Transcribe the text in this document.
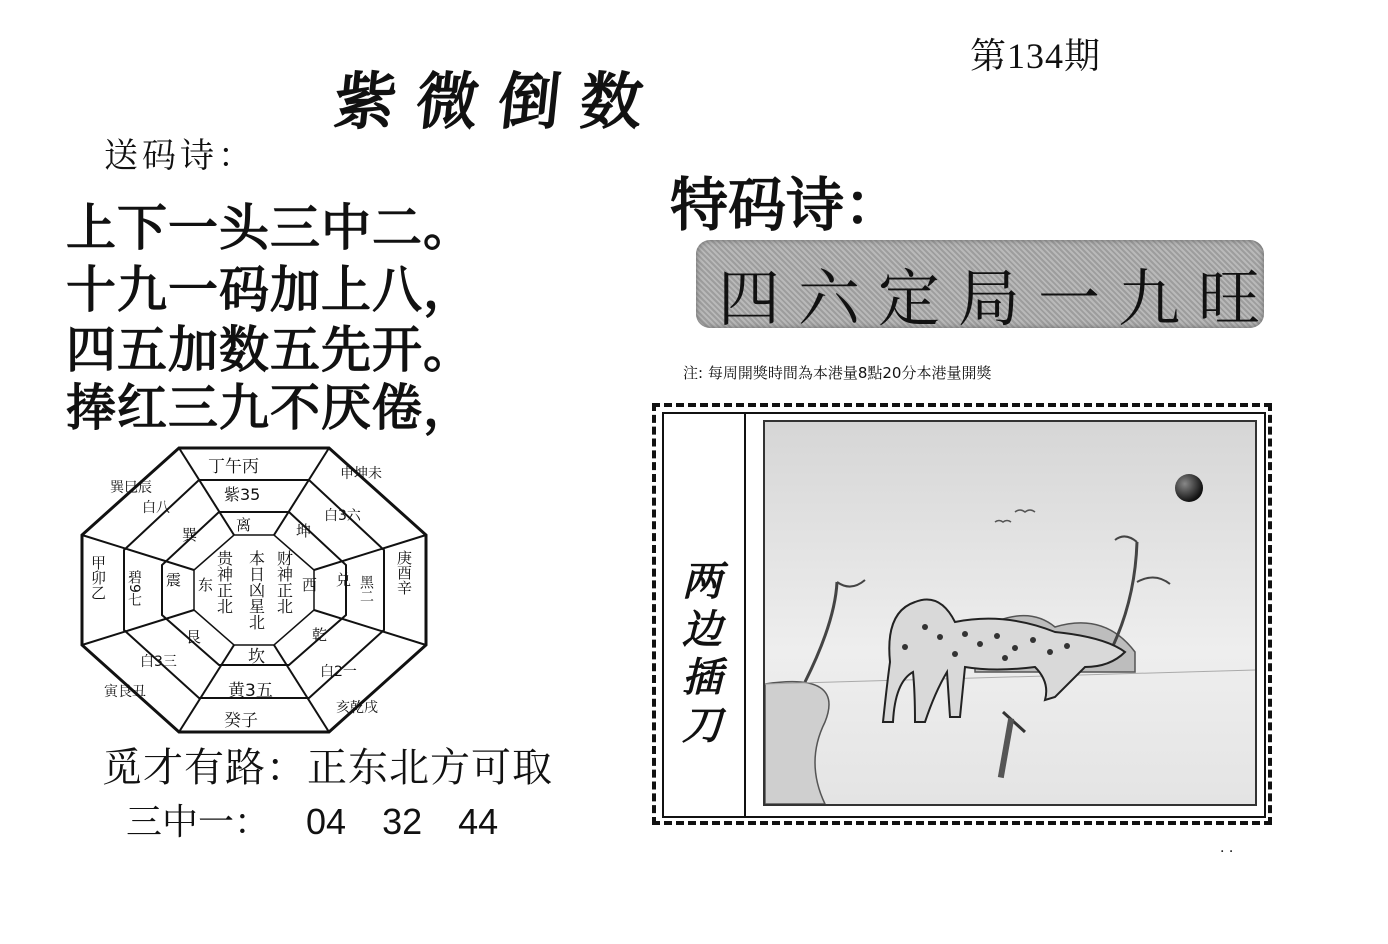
第134期
紫微倒数
送码诗：
上下一头三中二。
十九一码加上八，
四五加数五先开。
捧红三九不厌倦，
财神正北
本日凶星北
贵神正北
离
西
东
坎
巽	坤
艮	乾
兑
震
紫35
黄3五
白3六
黑二
白2一
白3三
碧9七
白八
丁午丙
癸子
申坤未
庚酉辛
亥乾戌
寅艮丑
甲卯乙
巽巳辰
觅才有路：正东北方可取
三中一： 04 32 44
特码诗：
四六定局一九旺
注: 每周開獎時間為本港量8點20分本港量開獎
两
边
插
刀
· ·
